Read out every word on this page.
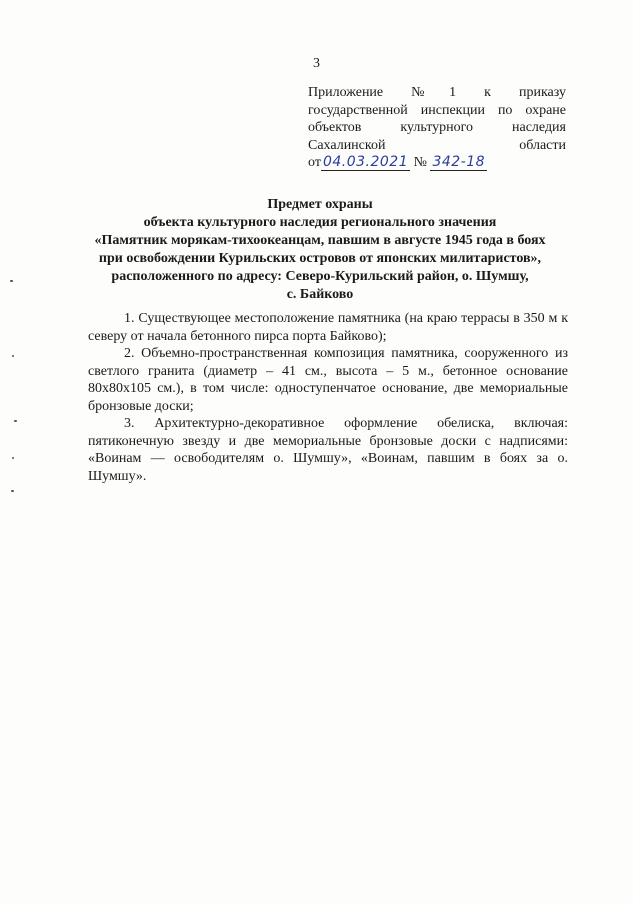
3
Приложение №1 к приказу
государственной инспекции по охране
объектов культурного наследия
Сахалинской области
от 04.03.2021 № 342-18
Предмет охраны
объекта культурного наследия регионального значения
«Памятник морякам-тихоокеанцам, павшим в августе 1945 года в боях
при освобождении Курильских островов от японских милитаристов»,
расположенного по адресу: Северо-Курильский район, о. Шумшу,
с. Байково

1. Существующее местоположение памятника (на краю террасы в 350 м к северу от начала бетонного пирса порта Байково);

2. Объемно-пространственная композиция памятника, сооруженного из светлого гранита (диаметр – 41 см., высота – 5 м., бетонное основание 80х80х105 см.), в том числе: одноступенчатое основание, две мемориальные бронзовые доски;

3. Архитектурно-декоративное оформление обелиска, включая: пятиконечную звезду и две мемориальные бронзовые доски с надписями: «Воинам — освободителям о. Шумшу», «Воинам, павшим в боях за о. Шумшу».
